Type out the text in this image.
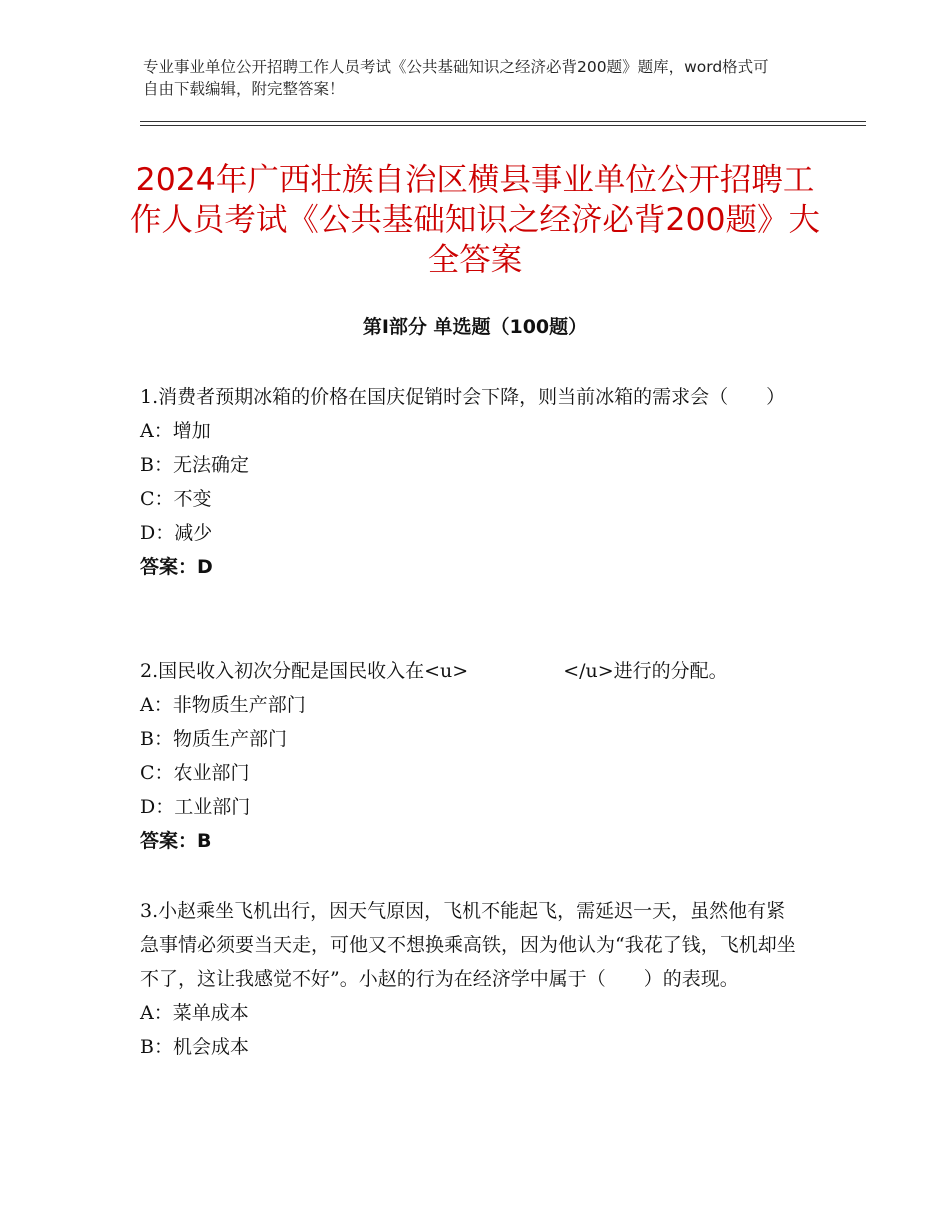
专业事业单位公开招聘工作人员考试《公共基础知识之经济必背200题》题库，word格式可自由下载编辑，附完整答案！
2024年广西壮族自治区横县事业单位公开招聘工作人员考试《公共基础知识之经济必背200题》大全答案
第I部分 单选题（100题）
1.消费者预期冰箱的价格在国庆促销时会下降，则当前冰箱的需求会（　　）
A：增加
B：无法确定
C：不变
D：减少
答案：D
2.国民收入初次分配是国民收入在<u>　　　　　</u>进行的分配。
A：非物质生产部门
B：物质生产部门
C：农业部门
D：工业部门
答案：B
3.小赵乘坐飞机出行，因天气原因，飞机不能起飞，需延迟一天，虽然他有紧急事情必须要当天走，可他又不想换乘高铁，因为他认为“我花了钱，飞机却坐不了，这让我感觉不好”。小赵的行为在经济学中属于（　　）的表现。
A：菜单成本
B：机会成本
